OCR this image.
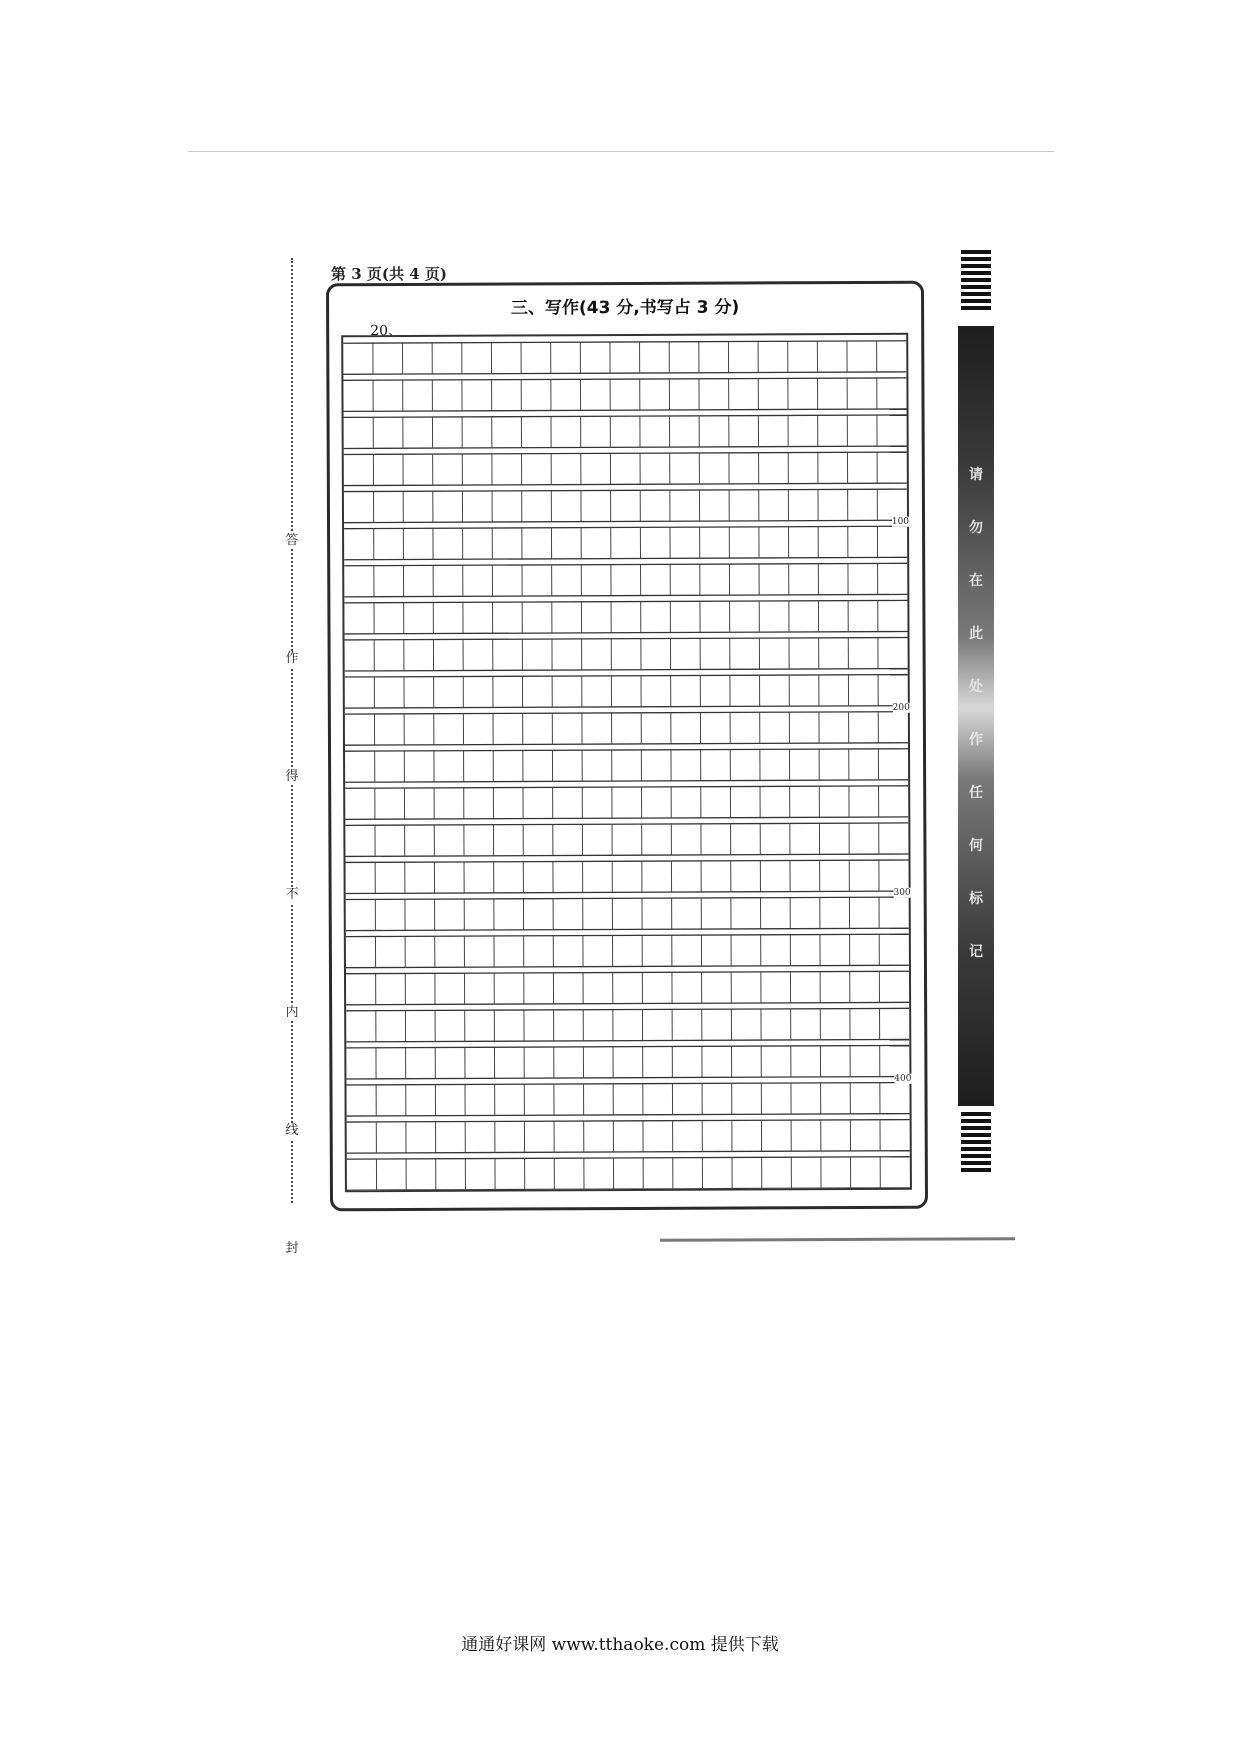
答
作
得
不
内
线
封
第 3 页(共 4 页)
三、写作(43 分,书写占 3 分)
20、
100
200
300
400
请
勿
在
此
处
作
任
何
标
记
通通好课网 www.tthaoke.com 提供下载
